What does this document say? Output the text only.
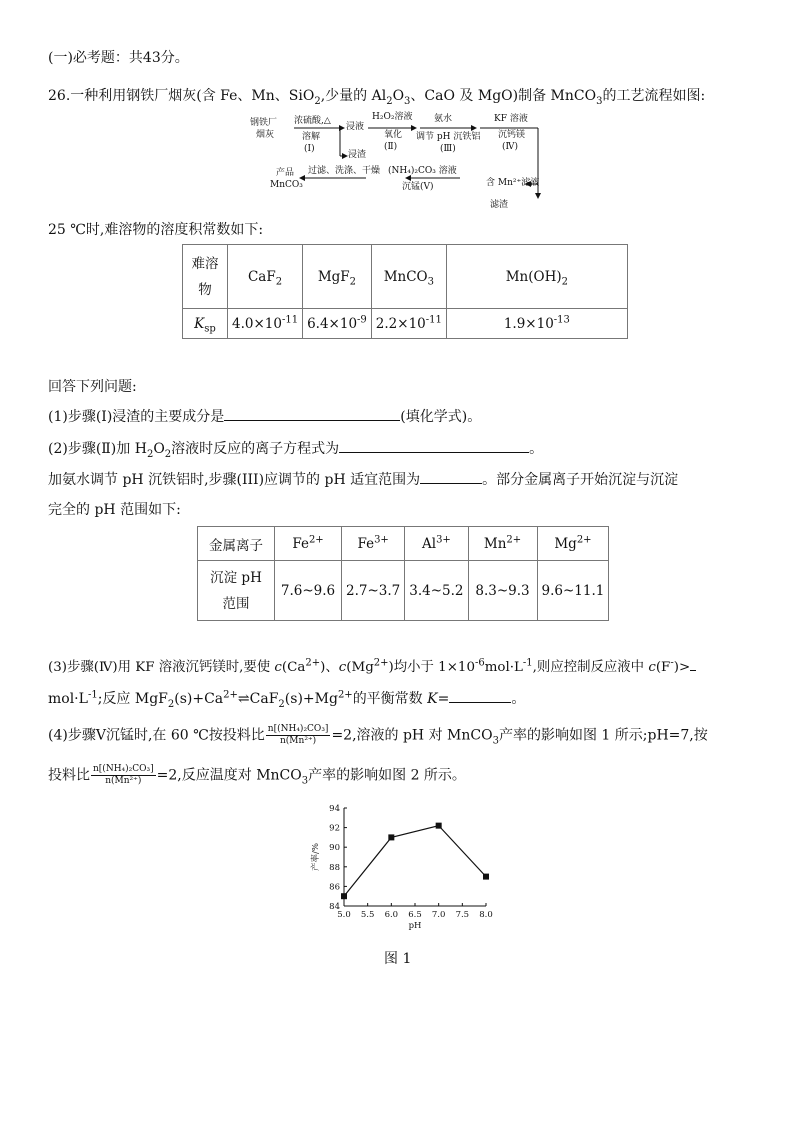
(一)必考题：共43分。
26.一种利用钢铁厂烟灰(含 Fe、Mn、SiO$_2$,少量的 $Al_2O_3$、CaO 及 MgO)制备 MnCO$_3$的工艺流程如图:
钢铁厂
烟灰
浓硫酸,△
溶解
(Ⅰ)
浸液
浸渣
H₂O₂溶液
氧化
(Ⅱ)
氨水
调节 pH 沉铁铝
(Ⅲ)
KF 溶液
沉钙镁
(Ⅳ)
含 Mn²⁺滤液
滤渣
(NH₄)₂CO₃ 溶液
沉锰(Ⅴ)
过滤、洗涤、干燥
产品
MnCO₃
25 ℃时,难溶物的溶度积常数如下:
难溶
物	CaF$_2$	MgF$_2$	MnCO$_3$	$Mn(OH)_2$
$K_{sp}$	$4.0\times 10^{-11}$	$6.4\times 10^{-9}$	$2.2\times 10^{-11}$	$1.9\times 10^{-13}$
回答下列问题:
(1)步骤(Ⅰ)浸渣的主要成分是	(填化学式)。
(2)步骤(Ⅱ)加 $H_2O_2$溶液时反应的离子方程式为	。
加氨水调节 pH 沉铁铝时,步骤(III)应调节的 pH 适宜范围为	。部分金属离子开始沉淀与沉淀
完全的 pH 范围如下:
金属离子	$Fe^{2+}$	$Fe^{3+}$	$Al^{3+}$	$Mn^{2+}$	$Mg^{2+}$
沉淀 pH
范围	7.6~9.6	2.7~3.7	3.4~5.2	8.3~9.3	9.6~11.1
(3)步骤(Ⅳ)用 KF 溶液沉钙镁时,要使 $c(Ca^{2+})$、$c(Mg^{2+})$均小于 $1\times 10^{-6}mol\cdot L^{-1}$,则应控制反应液中 c(F-)>
$mol\cdot L^{-1}$;反应 $MgF_2(s)+Ca^{2+}\rightleftharpoons CaF_2(s)+Mg^{2+}$的平衡常数 K=	。
(4)步骤Ⅴ沉锰时,在 60 ℃按投料比 $\frac{\text{n[(NH₄)₂CO₃]}}{\text{n(Mn²⁺)}} =2$,溶液的 pH 对 MnCO$_3$产率的影响如图 1 所示;pH=7,按
投料比 $\frac{\text{n[(NH₄)₂CO₃]}}{\text{n(Mn²⁺)}} =2$,反应温度对 MnCO$_3$产率的影响如图 2 所示。
84
86
88
90
92
94
5.0 5.5 6.0 6.5 7.0 7.5 8.0
pH
产率/%
图 1
